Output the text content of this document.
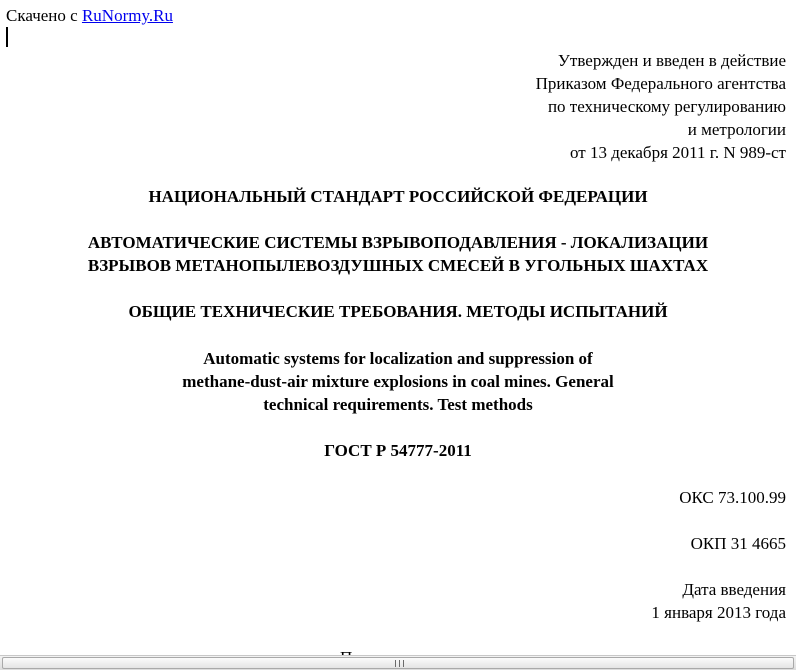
Скачено с RuNormy.Ru
Утвержден и введен в действие
Приказом Федерального агентства
по техническому регулированию
и метрологии
от 13 декабря 2011 г. N 989-ст
НАЦИОНАЛЬНЫЙ СТАНДАРТ РОССИЙСКОЙ ФЕДЕРАЦИИ
АВТОМАТИЧЕСКИЕ СИСТЕМЫ ВЗРЫВОПОДАВЛЕНИЯ - ЛОКАЛИЗАЦИИ
ВЗРЫВОВ МЕТАНОПЫЛЕВОЗДУШНЫХ СМЕСЕЙ В УГОЛЬНЫХ ШАХТАХ
ОБЩИЕ ТЕХНИЧЕСКИЕ ТРЕБОВАНИЯ. МЕТОДЫ ИСПЫТАНИЙ
Automatic systems for localization and suppression of
methane-dust-air mixture explosions in coal mines. General
technical requirements. Test methods
ГОСТ Р 54777-2011
ОКС 73.100.99
ОКП 31 4665
Дата введения
1 января 2013 года
